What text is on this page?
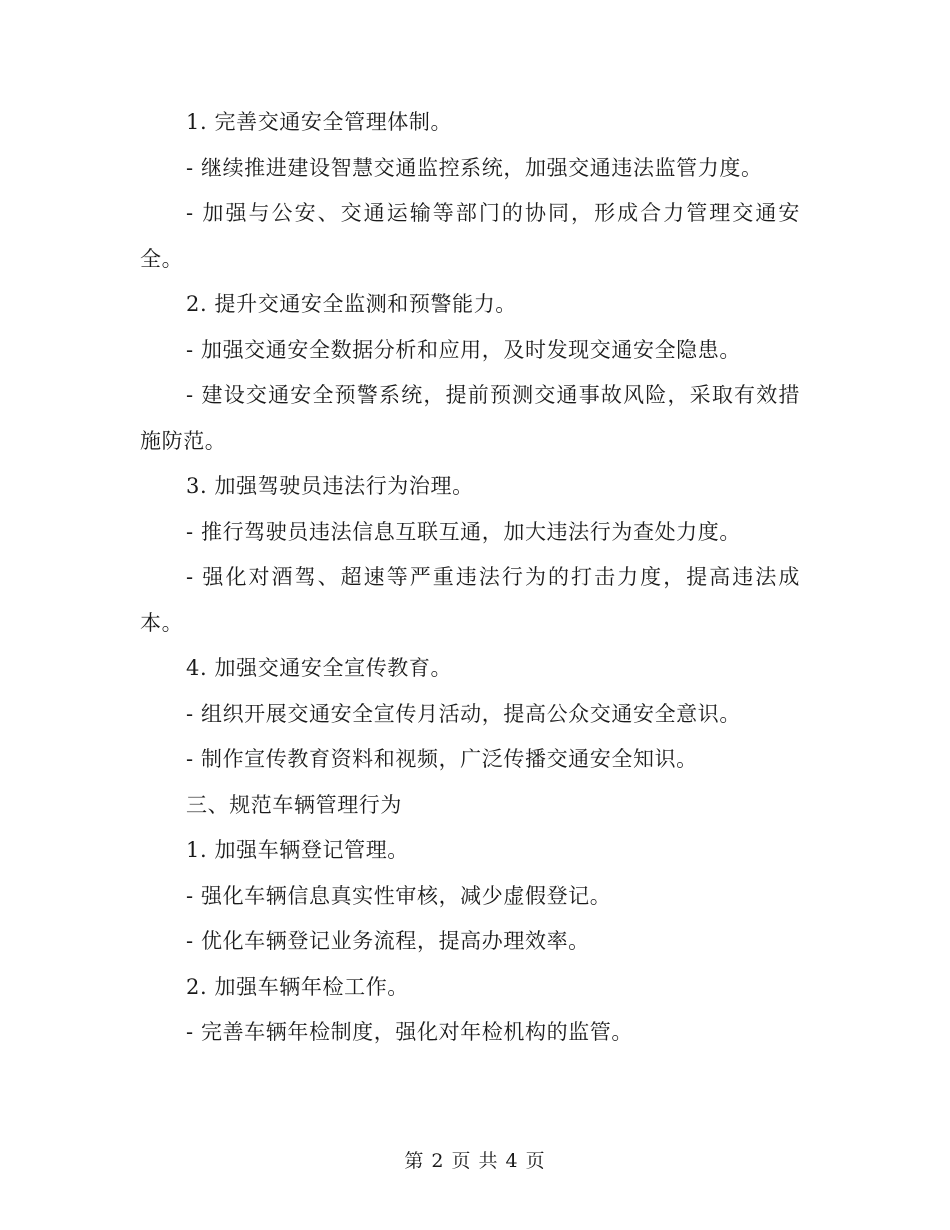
1. 完善交通安全管理体制。

- 继续推进建设智慧交通监控系统，加强交通违法监管力度。

- 加强与公安、交通运输等部门的协同，形成合力管理交通安全。

2. 提升交通安全监测和预警能力。

- 加强交通安全数据分析和应用，及时发现交通安全隐患。

- 建设交通安全预警系统，提前预测交通事故风险，采取有效措施防范。

3. 加强驾驶员违法行为治理。

- 推行驾驶员违法信息互联互通，加大违法行为查处力度。

- 强化对酒驾、超速等严重违法行为的打击力度，提高违法成本。

4. 加强交通安全宣传教育。

- 组织开展交通安全宣传月活动，提高公众交通安全意识。

- 制作宣传教育资料和视频，广泛传播交通安全知识。

三、规范车辆管理行为

1. 加强车辆登记管理。

- 强化车辆信息真实性审核，减少虚假登记。

- 优化车辆登记业务流程，提高办理效率。

2. 加强车辆年检工作。

- 完善车辆年检制度，强化对年检机构的监管。

第 2 页 共 4 页
